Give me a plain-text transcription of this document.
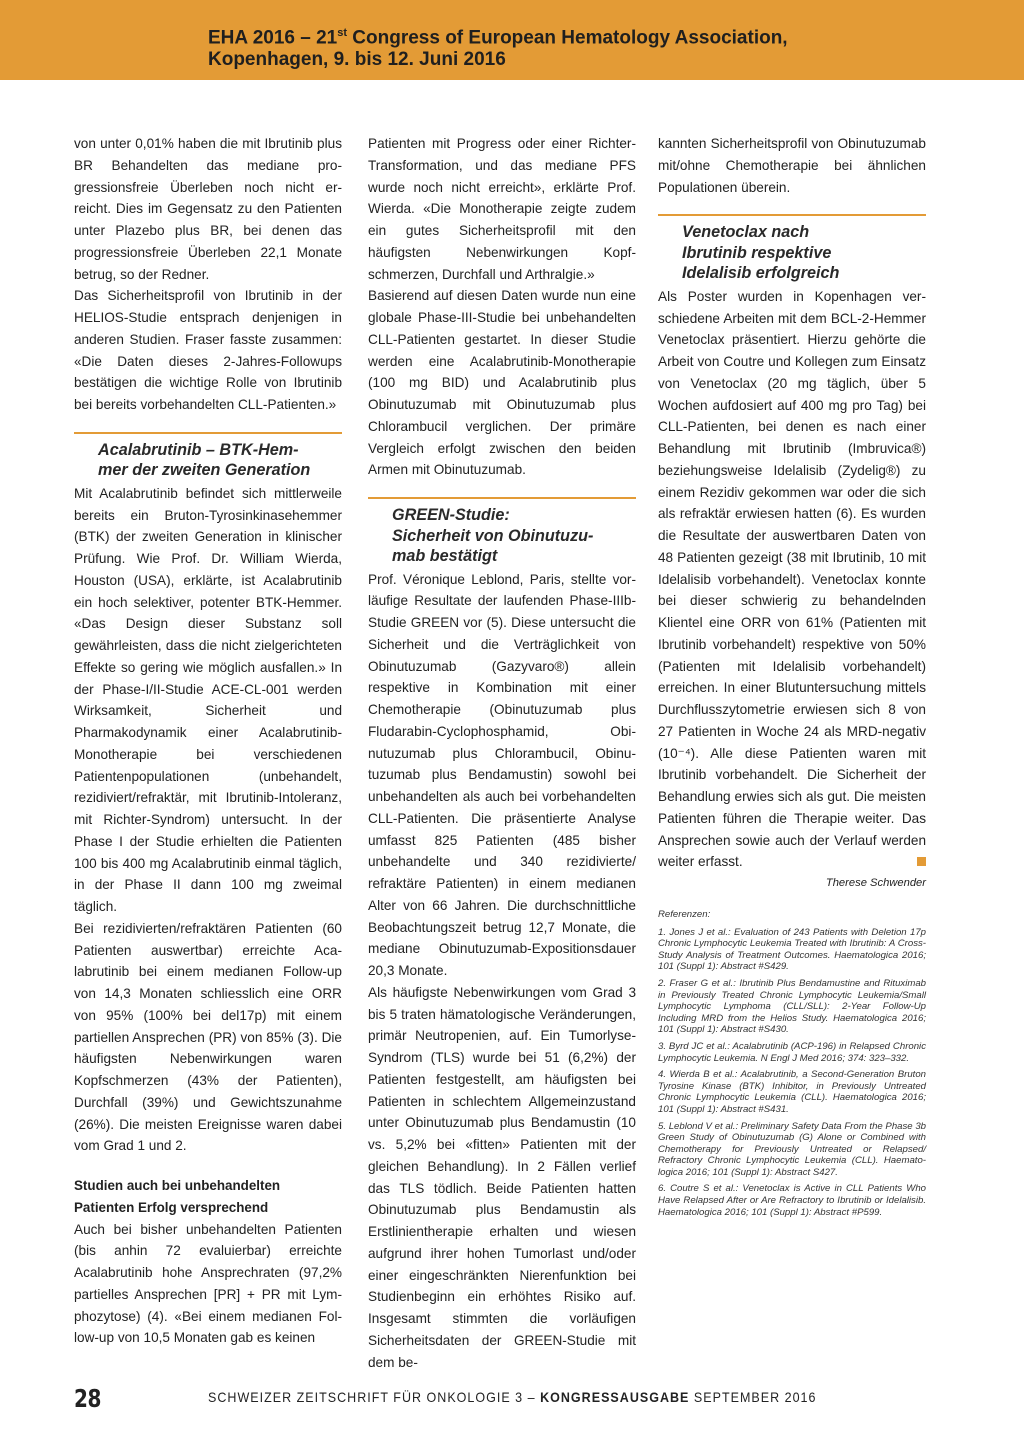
EHA 2016 – 21st Congress of European Hematology Association,
Kopenhagen, 9. bis 12. Juni 2016

von unter 0,01% haben die mit Ibrutinib plus BR Behandelten das mediane progressionsfreie Überleben noch nicht erreicht. Dies im Gegensatz zu den Patienten unter Plazebo plus BR, bei denen das progressionsfreie Überleben 22,1 Monate betrug, so der Redner.

Das Sicherheitsprofil von Ibrutinib in der HELIOS-Studie entsprach denjenigen in anderen Studien. Fraser fasste zusammen: «Die Daten dieses 2-Jahres-Followups bestätigen die wichtige Rolle von Ibrutinib bei bereits vorbehandelten CLL-Patienten.»

Acalabrutinib – BTK-Hem-
mer der zweiten Generation

Mit Acalabrutinib befindet sich mittlerweile bereits ein Bruton-Tyrosinkinasehemmer (BTK) der zweiten Generation in klinischer Prüfung. Wie Prof. Dr. William Wierda, Houston (USA), erklärte, ist Acalabrutinib ein hoch selektiver, potenter BTK-Hemmer. «Das Design dieser Substanz soll gewährleisten, dass die nicht zielgerichteten Effekte so gering wie möglich ausfallen.» In der Phase-I/II-Studie ACE-CL-001 werden Wirksamkeit, Sicherheit und Pharmakodynamik einer Acalabrutinib-Monotherapie bei verschiedenen Patientenpopulationen (unbehandelt, rezidiviert/refraktär, mit Ibrutinib-Intoleranz, mit Richter-Syndrom) untersucht. In der Phase I der Studie erhielten die Patienten 100 bis 400 mg Acalabrutinib einmal täglich, in der Phase II dann 100 mg zweimal täglich.

Bei rezidivierten/refraktären Patienten (60 Patienten auswertbar) erreichte Acalabrutinib bei einem medianen Follow-up von 14,3 Monaten schliesslich eine ORR von 95% (100% bei del17p) mit einem partiellen Ansprechen (PR) von 85% (3). Die häufigsten Nebenwirkungen waren Kopfschmerzen (43% der Patienten), Durchfall (39%) und Gewichtszunahme (26%). Die meisten Ereignisse waren dabei vom Grad 1 und 2.

Studien auch bei unbehandelten
Patienten Erfolg versprechend

Auch bei bisher unbehandelten Patienten (bis anhin 72 evaluierbar) erreichte Acalabrutinib hohe Ansprechraten (97,2% partielles Ansprechen [PR] + PR mit Lymphozytose) (4). «Bei einem medianen Follow-up von 10,5 Monaten gab es keinen

Patienten mit Progress oder einer Richter-Transformation, und das mediane PFS wurde noch nicht erreicht», erklärte Prof. Wierda. «Die Monotherapie zeigte zudem ein gutes Sicherheitsprofil mit den häufigsten Nebenwirkungen Kopfschmerzen, Durchfall und Arthralgie.»

Basierend auf diesen Daten wurde nun eine globale Phase-III-Studie bei unbehandelten CLL-Patienten gestartet. In dieser Studie werden eine Acalabrutinib-Monotherapie (100 mg BID) und Acalabrutinib plus Obinutuzumab mit Obinutuzumab plus Chlorambucil verglichen. Der primäre Vergleich erfolgt zwischen den beiden Armen mit Obinutuzumab.

GREEN-Studie:
Sicherheit von Obinutuzu-
mab bestätigt

Prof. Véronique Leblond, Paris, stellte vorläufige Resultate der laufenden Phase-IIIb-Studie GREEN vor (5). Diese untersucht die Sicherheit und die Verträglichkeit von Obinutuzumab (Gazyvaro®) allein respektive in Kombination mit einer Chemotherapie (Obinutuzumab plus Fludarabin-Cyclophosphamid, Obinutuzumab plus Chlorambucil, Obinutuzumab plus Bendamustin) sowohl bei unbehandelten als auch bei vorbehandelten CLL-Patienten. Die präsentierte Analyse umfasst 825 Patienten (485 bisher unbehandelte und 340 rezidivierte/ refraktäre Patienten) in einem medianen Alter von 66 Jahren. Die durchschnittliche Beobachtungszeit betrug 12,7 Monate, die mediane Obinutuzumab-Expositionsdauer 20,3 Monate.

Als häufigste Nebenwirkungen vom Grad 3 bis 5 traten hämatologische Veränderungen, primär Neutropenien, auf. Ein Tumorlyse-Syndrom (TLS) wurde bei 51 (6,2%) der Patienten festgestellt, am häufigsten bei Patienten in schlechtem Allgemeinzustand unter Obinutuzumab plus Bendamustin (10 vs. 5,2% bei «fitten» Patienten mit der gleichen Behandlung). In 2 Fällen verlief das TLS tödlich. Beide Patienten hatten Obinutuzumab plus Bendamustin als Erstlinientherapie erhalten und wiesen aufgrund ihrer hohen Tumorlast und/oder einer eingeschränkten Nierenfunktion bei Studienbeginn ein erhöhtes Risiko auf. Insgesamt stimmten die vorläufigen Sicherheitsdaten der GREEN-Studie mit dem be-

kannten Sicherheitsprofil von Obinutuzumab mit/ohne Chemotherapie bei ähnlichen Populationen überein.

Venetoclax nach
Ibrutinib respektive
Idelalisib erfolgreich

Als Poster wurden in Kopenhagen verschiedene Arbeiten mit dem BCL-2-Hemmer Venetoclax präsentiert. Hierzu gehörte die Arbeit von Coutre und Kollegen zum Einsatz von Venetoclax (20 mg täglich, über 5 Wochen aufdosiert auf 400 mg pro Tag) bei CLL-Patienten, bei denen es nach einer Behandlung mit Ibrutinib (Imbruvica®) beziehungsweise Idelalisib (Zydelig®) zu einem Rezidiv gekommen war oder die sich als refraktär erwiesen hatten (6). Es wurden die Resultate der auswertbaren Daten von 48 Patienten gezeigt (38 mit Ibrutinib, 10 mit Idelalisib vorbehandelt). Venetoclax konnte bei dieser schwierig zu behandelnden Klientel eine ORR von 61% (Patienten mit Ibrutinib vorbehandelt) respektive von 50% (Patienten mit Idelalisib vorbehandelt) erreichen. In einer Blutuntersuchung mittels Durchflusszytometrie erwiesen sich 8 von 27 Patienten in Woche 24 als MRD-negativ (10⁻⁴). Alle diese Patienten waren mit Ibrutinib vorbehandelt. Die Sicherheit der Behandlung erwies sich als gut. Die meisten Patienten führen die Therapie weiter. Das Ansprechen sowie auch der Verlauf werden weiter erfasst.

Therese Schwender
Referenzen:

1. Jones J et al.: Evaluation of 243 Patients with Deletion 17p Chronic Lymphocytic Leukemia Treated with Ibrutinib: A Cross-Study Analysis of Treatment Outcomes. Haematologica 2016; 101 (Suppl 1): Abstract #S429.

2. Fraser G et al.: Ibrutinib Plus Bendamustine and Rituximab in Previously Treated Chronic Lymphocytic Leukemia/Small Lymphocytic Lymphoma (CLL/SLL): 2-Year Follow-Up Including MRD from the Helios Study. Haematologica 2016; 101 (Suppl 1): Abstract #S430.

3. Byrd JC et al.: Acalabrutinib (ACP-196) in Relapsed Chronic Lymphocytic Leukemia. N Engl J Med 2016; 374: 323–332.

4. Wierda B et al.: Acalabrutinib, a Second-Generation Bruton Tyrosine Kinase (BTK) Inhibitor, in Previously Untreated Chronic Lymphocytic Leukemia (CLL). Haematologica 2016; 101 (Suppl 1): Abstract #S431.

5. Leblond V et al.: Preliminary Safety Data From the Phase 3b Green Study of Obinutuzumab (G) Alone or Combined with Chemotherapy for Previously Untreated or Relapsed/ Refractory Chronic Lymphocytic Leukemia (CLL). Haematologica 2016; 101 (Suppl 1): Abstract S427.

6. Coutre S et al.: Venetoclax is Active in CLL Patients Who Have Relapsed After or Are Refractory to Ibrutinib or Idelalisib. Haematologica 2016; 101 (Suppl 1): Abstract #P599.

28	SCHWEIZER ZEITSCHRIFT FÜR ONKOLOGIE 3 – KONGRESSAUSGABE SEPTEMBER 2016
